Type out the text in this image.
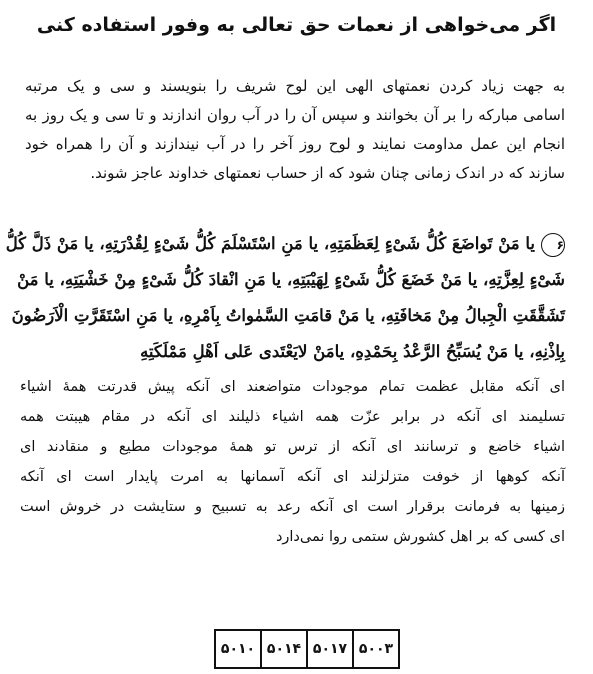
اگر می‌خواهی از نعمات حق تعالی به وفور استفاده کنی
به جهت زیاد کردن نعمتهای الهی این لوح شریف را بنویسند و سی و یک مرتبه
اسامی مبارکه را بر آن بخوانند و سپس آن را در آب روان اندازند و تا سی و یک روز به
انجام این عمل مداومت نمایند و لوح روز آخر را در آب نیندازند و آن را همراه خود
سازند که در اندک زمانی چنان شود که از حساب نعمتهای خداوند عاجز شوند.
۶یا مَنْ تَواضَعَ کُلُّ شَیْءٍ لِعَظَمَتِهِ، یا مَنِ اسْتَسْلَمَ کُلُّ شَیْءٍ لِقُدْرَتِهِ، یا مَنْ ذَلَّ کُلُّ
شَیْءٍ لِعِزَّتِهِ، یا مَنْ خَضَعَ کُلُّ شَیْءٍ لِهَیْبَتِهِ، یا مَنِ انْقادَ کُلُّ شَیْءٍ مِنْ خَشْیَتِهِ، یا مَنْ
تَشَقَّقَتِ الْجِبالُ مِنْ مَخافَتِهِ، یا مَنْ قامَتِ السَّمٰواتُ بِاَمْرِهِ، یا مَنِ اسْتَقَرَّتِ الْاَرَضُونَ
بِاِذْنِهِ، یا مَنْ یُسَبِّحُ الرَّعْدُ بِحَمْدِهِ، یامَنْ لایَعْتَدی عَلی اَهْلِ مَمْلَکَتِهِ
ای آنکه مقابل عظمت تمام موجودات متواضعند ای آنکه پیش قدرتت همهٔ اشیاء
تسلیمند ای آنکه در برابر عزّت همه اشیاء ذلیلند ای آنکه در مقام هیبتت همه
اشیاء خاضع و ترسانند ای آنکه از ترس تو همهٔ موجودات مطیع و منقادند ای
آنکه کوهها از خوفت متزلزلند ای آنکه آسمانها به امرت پایدار است ای آنکه
زمینها به فرمانت برقرار است ای آنکه رعد به تسبیح و ستایشت در خروش است
ای کسی که بر اهل کشورش ستمی روا نمی‌دارد
۵۰۱۰ ۵۰۱۴ ۵۰۱۷ ۵۰۰۳
